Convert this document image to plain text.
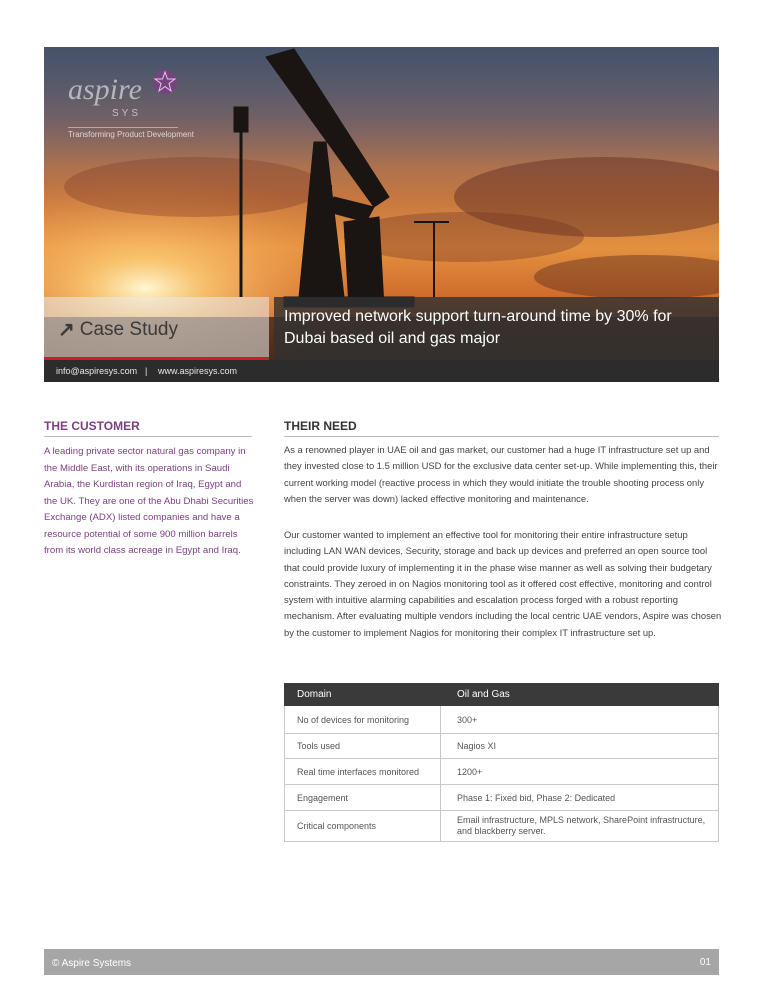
aspire
SYS
Transforming Product Development
↗ Case Study
Improved network support turn-around time by 30% for Dubai based oil and gas major
info@aspiresys.com | www.aspiresys.com
THE CUSTOMER
A leading private sector natural gas company in the Middle East, with its operations in Saudi Arabia, the Kurdistan region of Iraq, Egypt and the UK. They are one of the Abu Dhabi Securities Exchange (ADX) listed companies and have a resource potential of some 900 million barrels from its world class acreage in Egypt and Iraq.
THEIR NEED
As a renowned player in UAE oil and gas market, our customer had a huge IT infrastructure set up and they invested close to 1.5 million USD for the exclusive data center set-up. While implementing this, their current working model (reactive process in which they would initiate the trouble shooting process only when the server was down) lacked effective monitoring and maintenance.
Our customer wanted to implement an effective tool for monitoring their entire infrastructure setup including LAN WAN devices, Security, storage and back up devices and preferred an open source tool that could provide luxury of implementing it in the phase wise manner as well as solving their budgetary constraints. They zeroed in on Nagios monitoring tool as it offered cost effective, monitoring and control system with intuitive alarming capabilities and escalation process forged with a robust reporting mechanism. After evaluating multiple vendors including the local centric UAE vendors, Aspire was chosen by the customer to implement Nagios for monitoring their complex IT infrastructure set up.
Domain	Oil and Gas
No of devices for monitoring	300+
Tools used	Nagios XI
Real time interfaces monitored	1200+
Engagement	Phase 1: Fixed bid, Phase 2: Dedicated
Critical components	Email infrastructure, MPLS network, SharePoint infrastructure, and blackberry server.
© Aspire Systems	01
